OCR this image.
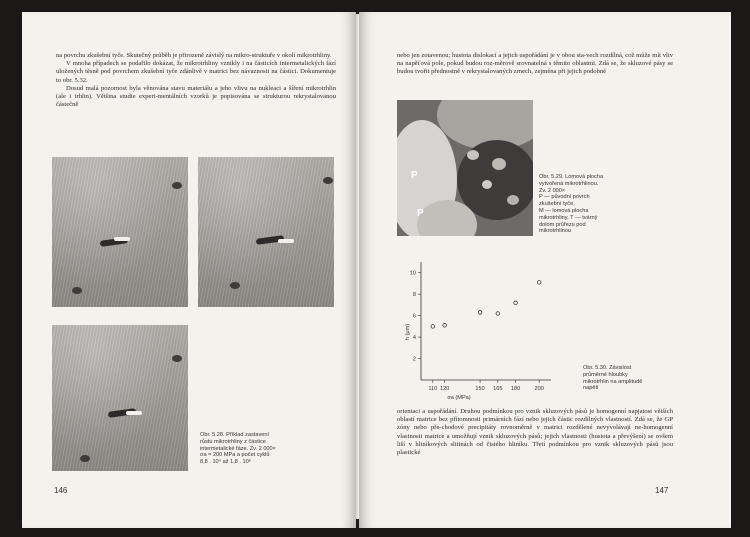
na povrchu zkušební tyče. Skutečný průběh je přirozeně závislý na mikro-struktuře v okolí mikrotrhliny.

V mnoha případech se podařilo dokázat, že mikrotrhliny vznikly i na částicích intermetalických fází uložených těsně pod povrchem zkušební tyče zdánlivě v matrici bez návaznosti na částici. Dokumentuje to obr. 5.32.

Dosud malá pozornost byla věnována stavu materiálu a jeho vlivu na nukleaci a šíření mikrotrhlin (ale i trhlin). Většina studie experi-mentálních vzorků je popisována se strukturou rekrystalovanou částečně

Obr. 5.28. Příklad zastavení
růstu mikrotrhliny z částice
intermetalické fáze. Zv. 2 000×
σa = 200 MPa a počet cyklů
8,8 . 10⁴ až 1,8 . 10⁶
146
nebo jen zotavenou; hustota dislokací a jejich uspořádání je v obou sta-vech rozdílná, což může mít vliv na napěťová pole, pokud budou roz-měrově srovnatelná s těmito oblastmi. Zdá se, že skluzové pásy se budou tvořit přednostně v rekrystalovaných zrnech, zejména při jejich podobné
P
P
Obr. 5.29. Lomová plocha
vytvořená mikrotrhlinou.
Zv. 2 000×
P — původní povrch
zkušební tyče,
M — lomová plocha
mikrotrhliny, T — tvárný
dolom průřezu pod
mikrotrhlinou
110 120	150 165 180	200
2
4
6
8
10
h (μm)
σa (MPa)
Obr. 5.30. Závislost
průměrné hloubky
mikrotrhlin na amplitudě
napětí
orientaci a uspořádání. Druhou podmínkou pro vznik skluzových pásů je homogenní napjatost větších oblastí matrice bez přítomnosti primárních fází nebo jejich částic rozdílných vlastností. Zdá se, že GP zóny nebo pře-chodové precipitáty rovnoměrně v matrici rozdělené nevyvolávají ne-homogenní vlastnosti matrice a umožňují vznik skluzových pásů; jejich vlastnosti (hustota a převýšení) se ovšem liší v hliníkových slitinách od čistého hliníku. Třetí podmínkou pro vznik skluzových pásů jsou plastické
147
